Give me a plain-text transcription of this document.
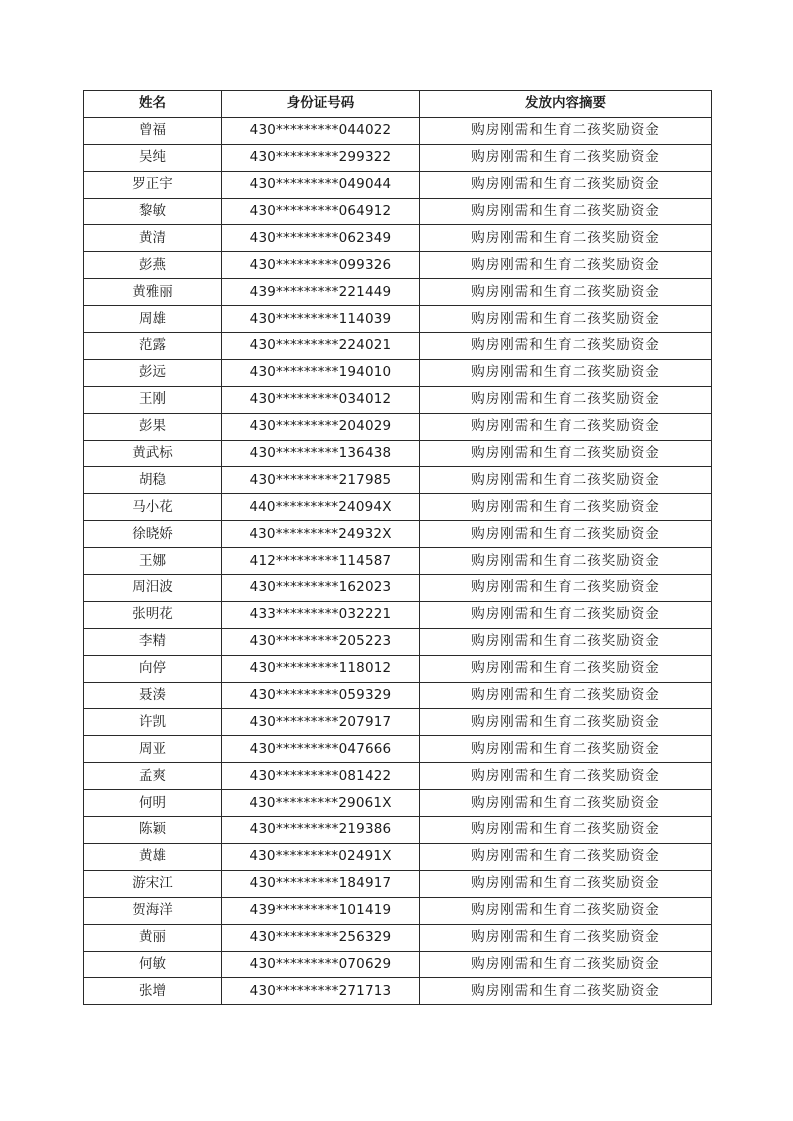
姓名	身份证号码	发放内容摘要
曾福	430*********044022	购房刚需和生育二孩奖励资金
吴纯	430*********299322	购房刚需和生育二孩奖励资金
罗正宇	430*********049044	购房刚需和生育二孩奖励资金
黎敏	430*********064912	购房刚需和生育二孩奖励资金
黄清	430*********062349	购房刚需和生育二孩奖励资金
彭燕	430*********099326	购房刚需和生育二孩奖励资金
黄雅丽	439*********221449	购房刚需和生育二孩奖励资金
周雄	430*********114039	购房刚需和生育二孩奖励资金
范露	430*********224021	购房刚需和生育二孩奖励资金
彭远	430*********194010	购房刚需和生育二孩奖励资金
王刚	430*********034012	购房刚需和生育二孩奖励资金
彭果	430*********204029	购房刚需和生育二孩奖励资金
黄武标	430*********136438	购房刚需和生育二孩奖励资金
胡稳	430*********217985	购房刚需和生育二孩奖励资金
马小花	440*********24094X	购房刚需和生育二孩奖励资金
徐晓娇	430*********24932X	购房刚需和生育二孩奖励资金
王娜	412*********114587	购房刚需和生育二孩奖励资金
周汨波	430*********162023	购房刚需和生育二孩奖励资金
张明花	433*********032221	购房刚需和生育二孩奖励资金
李精	430*********205223	购房刚需和生育二孩奖励资金
向停	430*********118012	购房刚需和生育二孩奖励资金
聂湊	430*********059329	购房刚需和生育二孩奖励资金
许凯	430*********207917	购房刚需和生育二孩奖励资金
周亚	430*********047666	购房刚需和生育二孩奖励资金
孟爽	430*********081422	购房刚需和生育二孩奖励资金
何明	430*********29061X	购房刚需和生育二孩奖励资金
陈颖	430*********219386	购房刚需和生育二孩奖励资金
黄雄	430*********02491X	购房刚需和生育二孩奖励资金
游宋江	430*********184917	购房刚需和生育二孩奖励资金
贺海洋	439*********101419	购房刚需和生育二孩奖励资金
黄丽	430*********256329	购房刚需和生育二孩奖励资金
何敏	430*********070629	购房刚需和生育二孩奖励资金
张增	430*********271713	购房刚需和生育二孩奖励资金
